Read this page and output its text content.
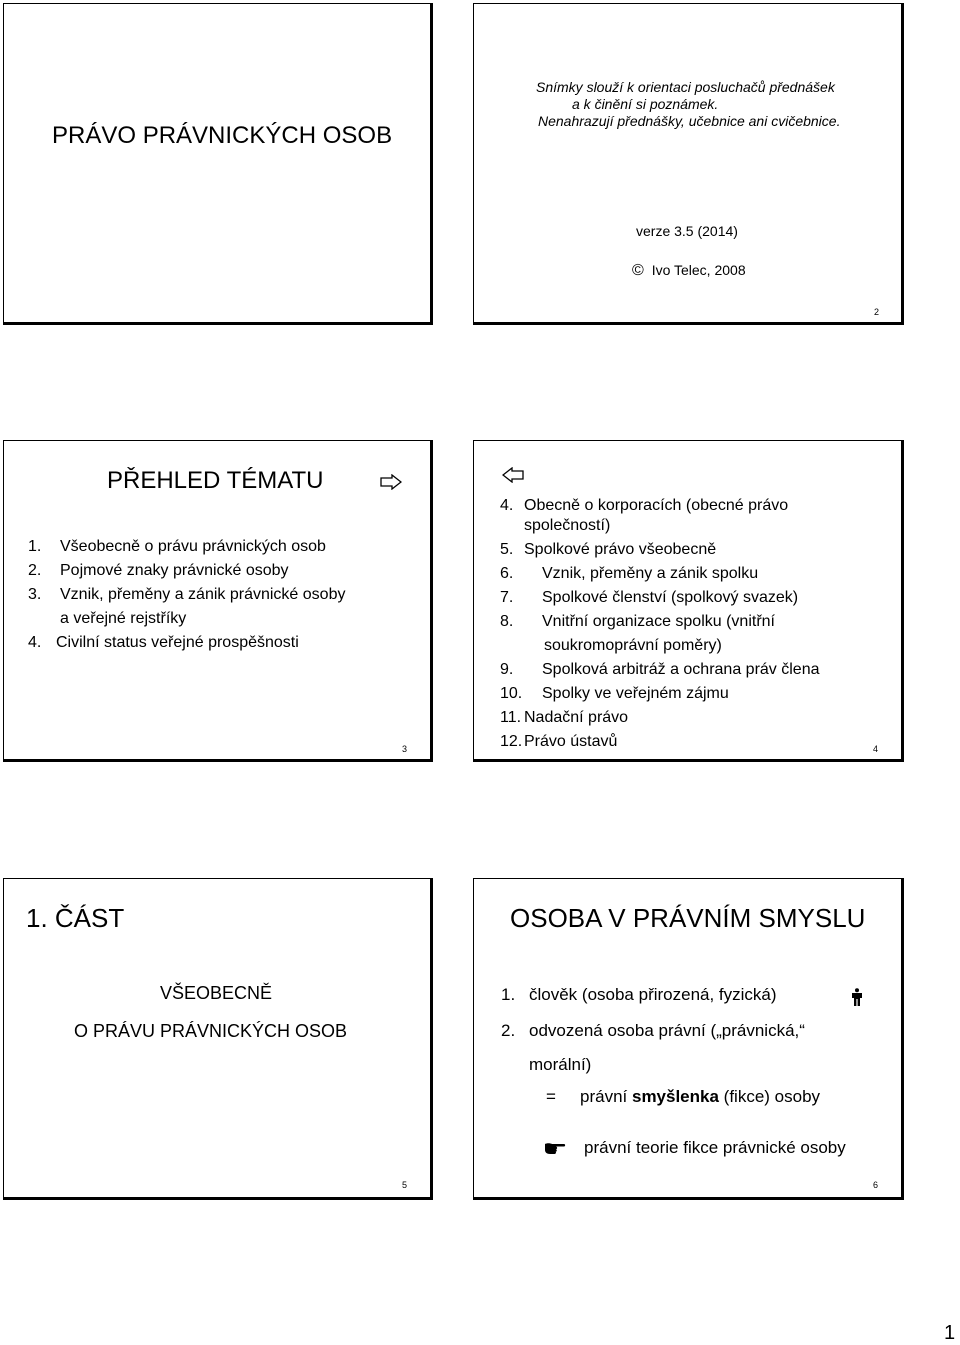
PRÁVO PRÁVNICKÝCH OSOB
Snímky slouží k orientaci posluchačů přednášek
a k činění si poznámek.
Nenahrazují přednášky, učebnice ani cvičebnice.
verze 3.5 (2014)
© Ivo Telec, 2008
2
PŘEHLED TÉMATU
1. Všeobecně o právu právnických osob
2. Pojmové znaky právnické osoby
3. Vznik, přeměny a zánik právnické osoby
a veřejné rejstříky
4. Civilní status veřejné prospěšnosti
3
4. Obecně o korporacích (obecné právo
společností)
5. Spolkové právo všeobecně
6. Vznik, přeměny a zánik spolku
7. Spolkové členství (spolkový svazek)
8. Vnitřní organizace spolku (vnitřní
soukromoprávní poměry)
9. Spolková arbitráž a ochrana práv člena
10. Spolky ve veřejném zájmu
11. Nadační právo
12. Právo ústavů	4
1. ČÁST
VŠEOBECNĚ
O PRÁVU PRÁVNICKÝCH OSOB
5
OSOBA V PRÁVNÍM SMYSLU
1. člověk (osoba přirozená, fyzická)
2. odvozená osoba právní („právnická,“
morální)
= právní smyšlenka (fikce) osoby
právní teorie fikce právnické osoby
6
1
